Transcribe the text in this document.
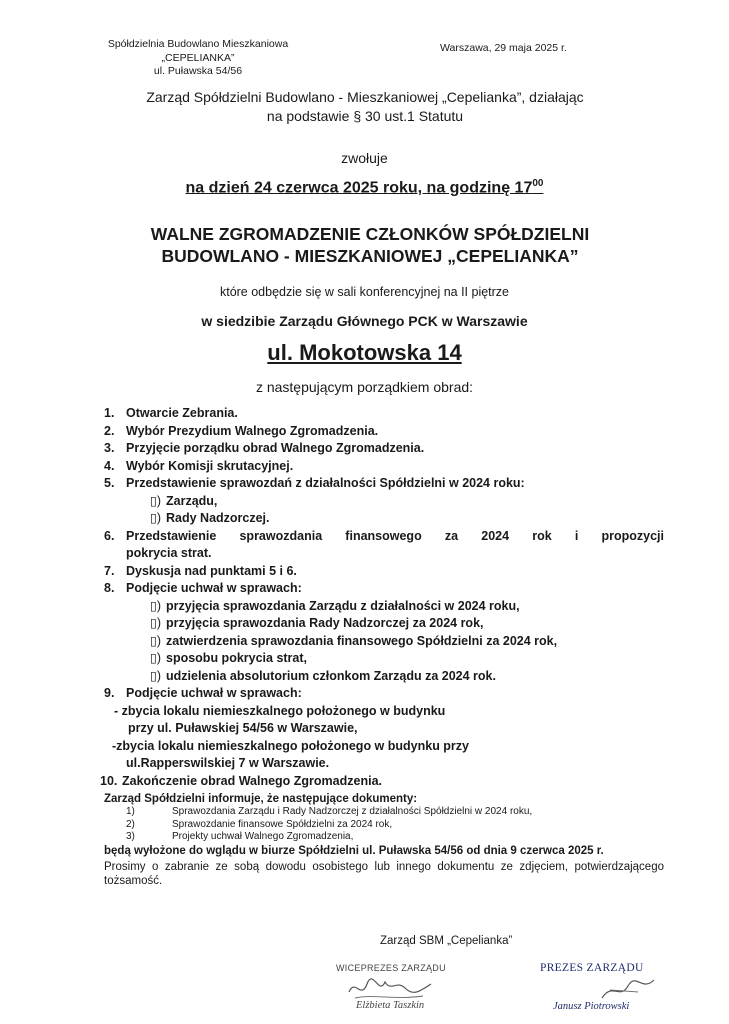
Spółdzielnia Budowlano Mieszkaniowa
„CEPELIANKA”
ul. Puławska 54/56
Warszawa, 29 maja 2025 r.
Zarząd Spółdzielni Budowlano - Mieszkaniowej „Cepelianka”, działając
na podstawie § 30 ust.1 Statutu
zwołuje
na dzień 24 czerwca 2025 roku, na godzinę $17^{00}$
WALNE ZGROMADZENIE CZŁONKÓW SPÓŁDZIELNI
BUDOWLANO - MIESZKANIOWEJ „CEPELIANKA”
które odbędzie się w sali konferencyjnej na II piętrze
w siedzibie Zarządu Głównego PCK w Warszawie
ul. Mokotowska 14
z następującym porządkiem obrad:
1. Otwarcie Zebrania.
2. Wybór Prezydium Walnego Zgromadzenia.
3. Przyjęcie porządku obrad Walnego Zgromadzenia.
4. Wybór Komisji skrutacyjnej.
5. Przedstawienie sprawozdań z działalności Spółdzielni w 2024 roku:
▯) Zarządu,
▯) Rady Nadzorczej.
6. Przedstawienie sprawozdania finansowego za 2024 rok i propozycji
pokrycia strat.
7. Dyskusja nad punktami 5 i 6.
8. Podjęcie uchwał w sprawach:
▯) przyjęcia sprawozdania Zarządu z działalności w 2024 roku,
▯) przyjęcia sprawozdania Rady Nadzorczej za 2024 rok,
▯) zatwierdzenia sprawozdania finansowego Spółdzielni za 2024 rok,
▯) sposobu pokrycia strat,
▯) udzielenia absolutorium członkom Zarządu za 2024 rok.
9. Podjęcie uchwał w sprawach:
- zbycia lokalu niemieszkalnego położonego w budynku
przy ul. Puławskiej 54/56 w Warszawie,
-zbycia lokalu niemieszkalnego położonego w budynku przy
ul.Rapperswilskiej 7 w Warszawie.
10. Zakończenie obrad Walnego Zgromadzenia.
Zarząd Spółdzielni informuje, że następujące dokumenty:
1)	Sprawozdania Zarządu i Rady Nadzorczej z działalności Spółdzielni w 2024 roku,
2)	Sprawozdanie finansowe Spółdzielni za 2024 rok,
3)	Projekty uchwał Walnego Zgromadzenia,
będą wyłożone do wglądu w biurze Spółdzielni ul. Puławska 54/56 od dnia 9 czerwca 2025 r.
Prosimy o zabranie ze sobą dowodu osobistego lub innego dokumentu ze zdjęciem, potwierdzającego tożsamość.
Zarząd SBM „Cepelianka”
WICEPREZES ZARZĄDU
Elżbieta Taszkin
PREZES ZARZĄDU
Janusz Piotrowski
